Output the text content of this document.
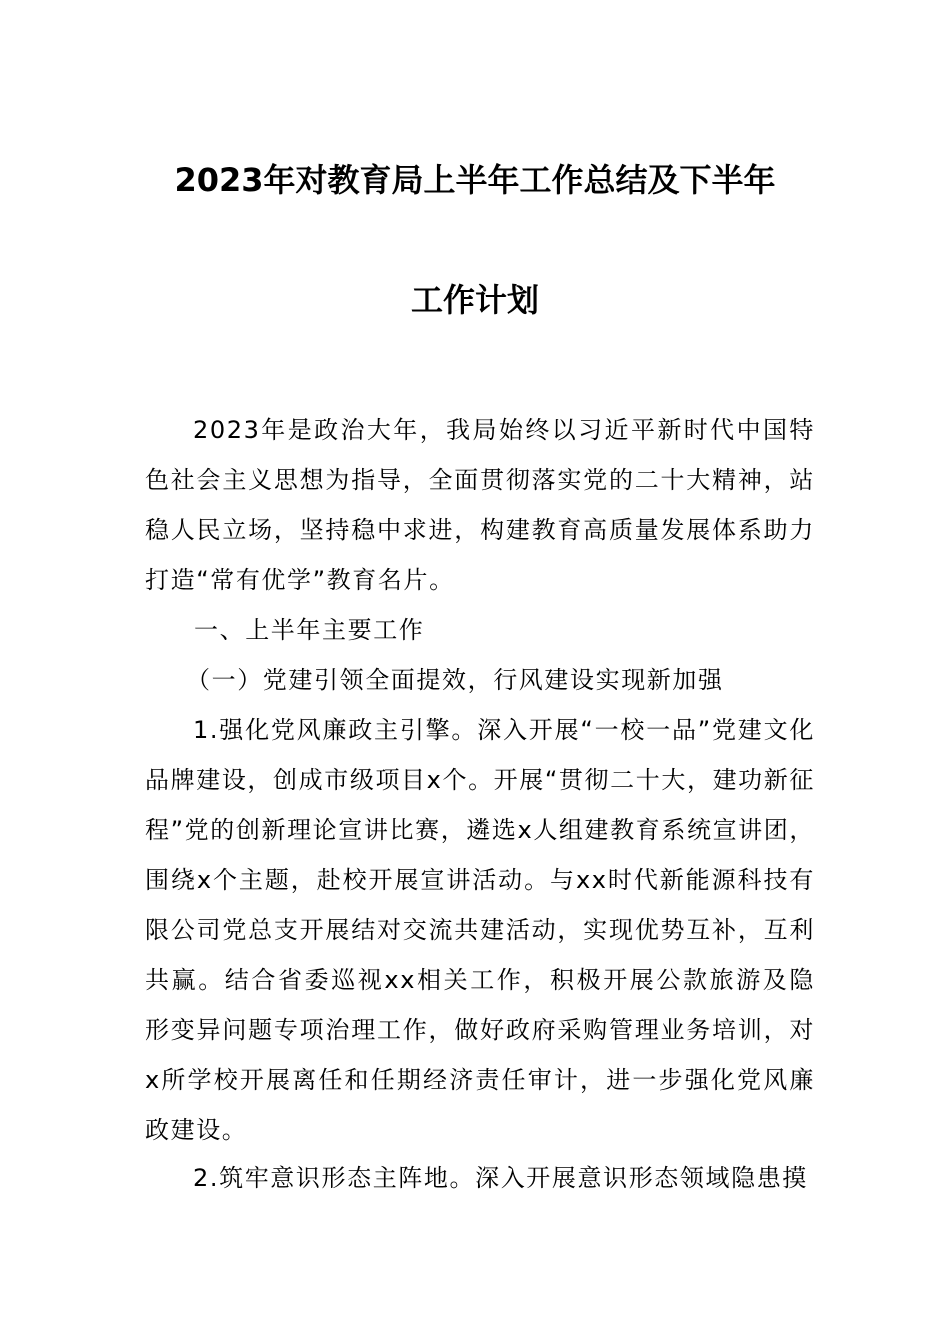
2023年对教育局上半年工作总结及下半年
工作计划
2023年是政治大年，我局始终以习近平新时代中国特色社会主义思想为指导，全面贯彻落实党的二十大精神，站稳人民立场，坚持稳中求进，构建教育高质量发展体系助力打造“常有优学”教育名片。
一、上半年主要工作
（一）党建引领全面提效，行风建设实现新加强
1.强化党风廉政主引擎。深入开展“一校一品”党建文化品牌建设，创成市级项目x个。开展“贯彻二十大，建功新征程”党的创新理论宣讲比赛，遴选x人组建教育系统宣讲团，围绕x个主题，赴校开展宣讲活动。与xx时代新能源科技有限公司党总支开展结对交流共建活动，实现优势互补，互利共赢。结合省委巡视xx相关工作，积极开展公款旅游及隐形变异问题专项治理工作，做好政府采购管理业务培训，对x所学校开展离任和任期经济责任审计，进一步强化党风廉政建设。
2.筑牢意识形态主阵地。深入开展意识形态领域隐患摸
